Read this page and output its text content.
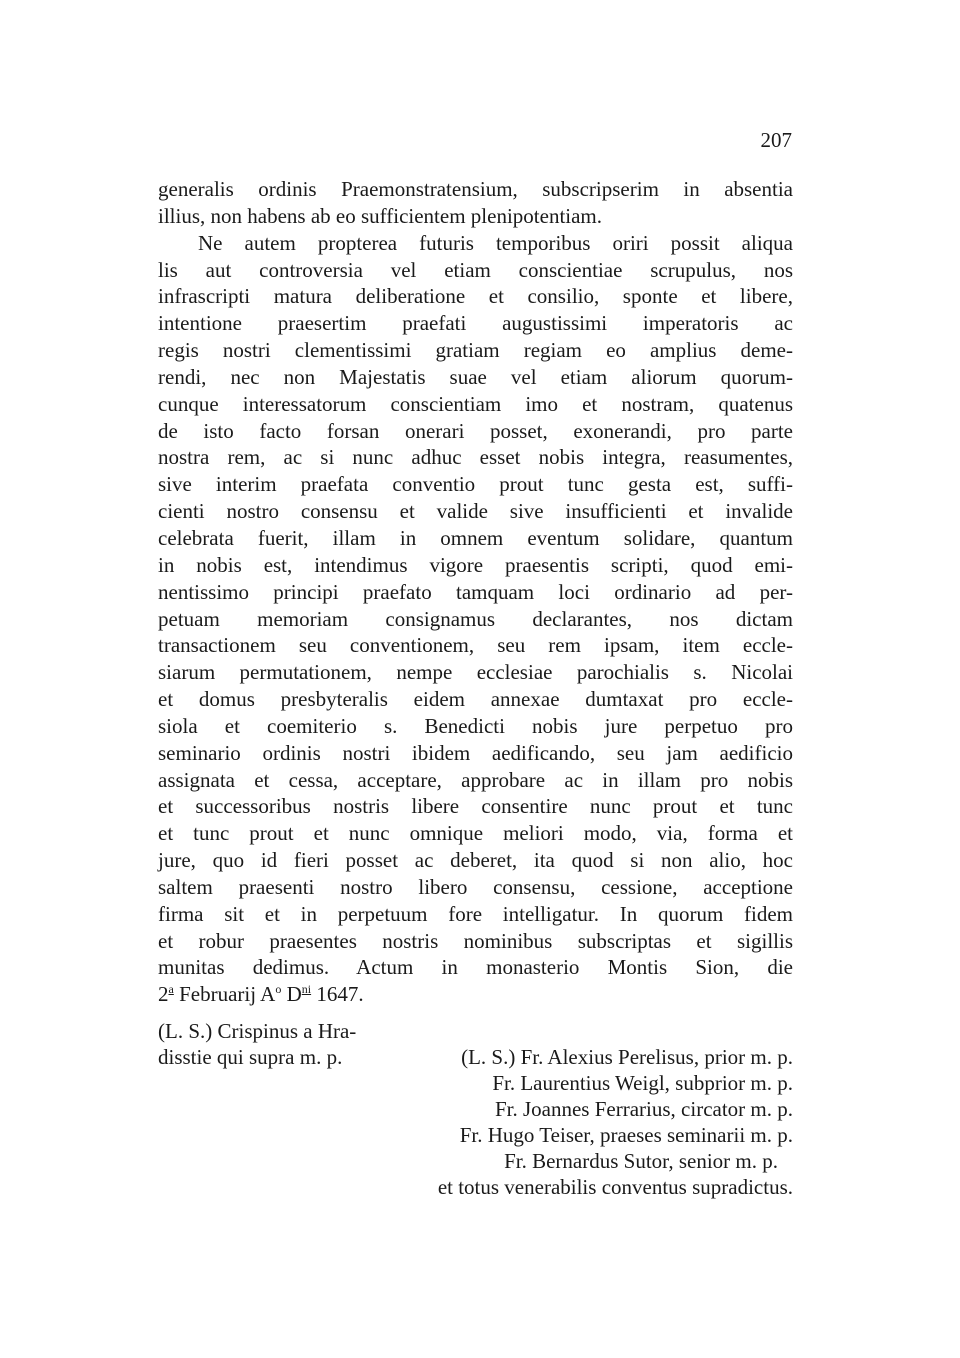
207
generalis ordinis Praemonstratensium, subscripserim in absentia
illius, non habens ab eo sufficientem plenipotentiam.
Ne autem propterea futuris temporibus oriri possit aliqua
lis aut controversia vel etiam conscientiae scrupulus, nos
infrascripti matura deliberatione et consilio, sponte et libere,
intentione praesertim praefati augustissimi imperatoris ac
regis nostri clementissimi gratiam regiam eo amplius deme-
rendi, nec non Majestatis suae vel etiam aliorum quorum-
cunque interessatorum conscientiam imo et nostram, quatenus
de isto facto forsan onerari posset, exonerandi, pro parte
nostra rem, ac si nunc adhuc esset nobis integra, reasumentes,
sive interim praefata conventio prout tunc gesta est, suffi-
cienti nostro consensu et valide sive insufficienti et invalide
celebrata fuerit, illam in omnem eventum solidare, quantum
in nobis est, intendimus vigore praesentis scripti, quod emi-
nentissimo principi praefato tamquam loci ordinario ad per-
petuam memoriam consignamus declarantes, nos dictam
transactionem seu conventionem, seu rem ipsam, item eccle-
siarum permutationem, nempe ecclesiae parochialis s. Nicolai
et domus presbyteralis eidem annexae dumtaxat pro eccle-
siola et coemiterio s. Benedicti nobis jure perpetuo pro
seminario ordinis nostri ibidem aedificando, seu jam aedificio
assignata et cessa, acceptare, approbare ac in illam pro nobis
et successoribus nostris libere consentire nunc prout et tunc
et tunc prout et nunc omnique meliori modo, via, forma et
jure, quo id fieri posset ac deberet, ita quod si non alio, hoc
saltem praesenti nostro libero consensu, cessione, acceptione
firma sit et in perpetuum fore intelligatur. In quorum fidem
et robur praesentes nostris nominibus subscriptas et sigillis
munitas dedimus. Actum in monasterio Montis Sion, die
2$^a$ Februarij $A^o$ $D^{ni}$ 1647.
(L. S.) Crispinus a Hra-
disstie qui supra m. p.	(L. S.) Fr. Alexius Perelisus, prior m. p.
Fr. Laurentius Weigl, subprior m. p.
Fr. Joannes Ferrarius, circator m. p.
Fr. Hugo Teiser, praeses seminarii m. p.
Fr. Bernardus Sutor, senior m. p.
et totus venerabilis conventus supradictus.
